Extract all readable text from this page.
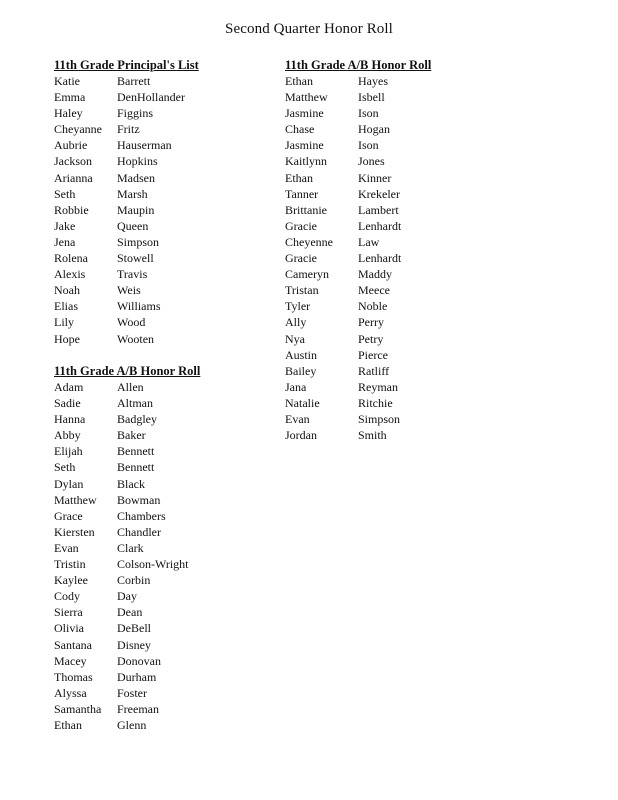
Second Quarter Honor Roll
11th Grade Principal's List
Katie	Barrett
Emma	DenHollander
Haley	Figgins
Cheyanne	Fritz
Aubrie	Hauserman
Jackson	Hopkins
Arianna	Madsen
Seth	Marsh
Robbie	Maupin
Jake	Queen
Jena	Simpson
Rolena	Stowell
Alexis	Travis
Noah	Weis
Elias	Williams
Lily	Wood
Hope	Wooten
11th Grade A/B Honor Roll
Adam	Allen
Sadie	Altman
Hanna	Badgley
Abby	Baker
Elijah	Bennett
Seth	Bennett
Dylan	Black
Matthew	Bowman
Grace	Chambers
Kiersten	Chandler
Evan	Clark
Tristin	Colson-Wright
Kaylee	Corbin
Cody	Day
Sierra	Dean
Olivia	DeBell
Santana	Disney
Macey	Donovan
Thomas	Durham
Alyssa	Foster
Samantha	Freeman
Ethan	Glenn
11th Grade A/B Honor Roll
Ethan	Hayes
Matthew	Isbell
Jasmine	Ison
Chase	Hogan
Jasmine	Ison
Kaitlynn	Jones
Ethan	Kinner
Tanner	Krekeler
Brittanie	Lambert
Gracie	Lenhardt
Cheyenne	Law
Gracie	Lenhardt
Cameryn	Maddy
Tristan	Meece
Tyler	Noble
Ally	Perry
Nya	Petry
Austin	Pierce
Bailey	Ratliff
Jana	Reyman
Natalie	Ritchie
Evan	Simpson
Jordan	Smith
